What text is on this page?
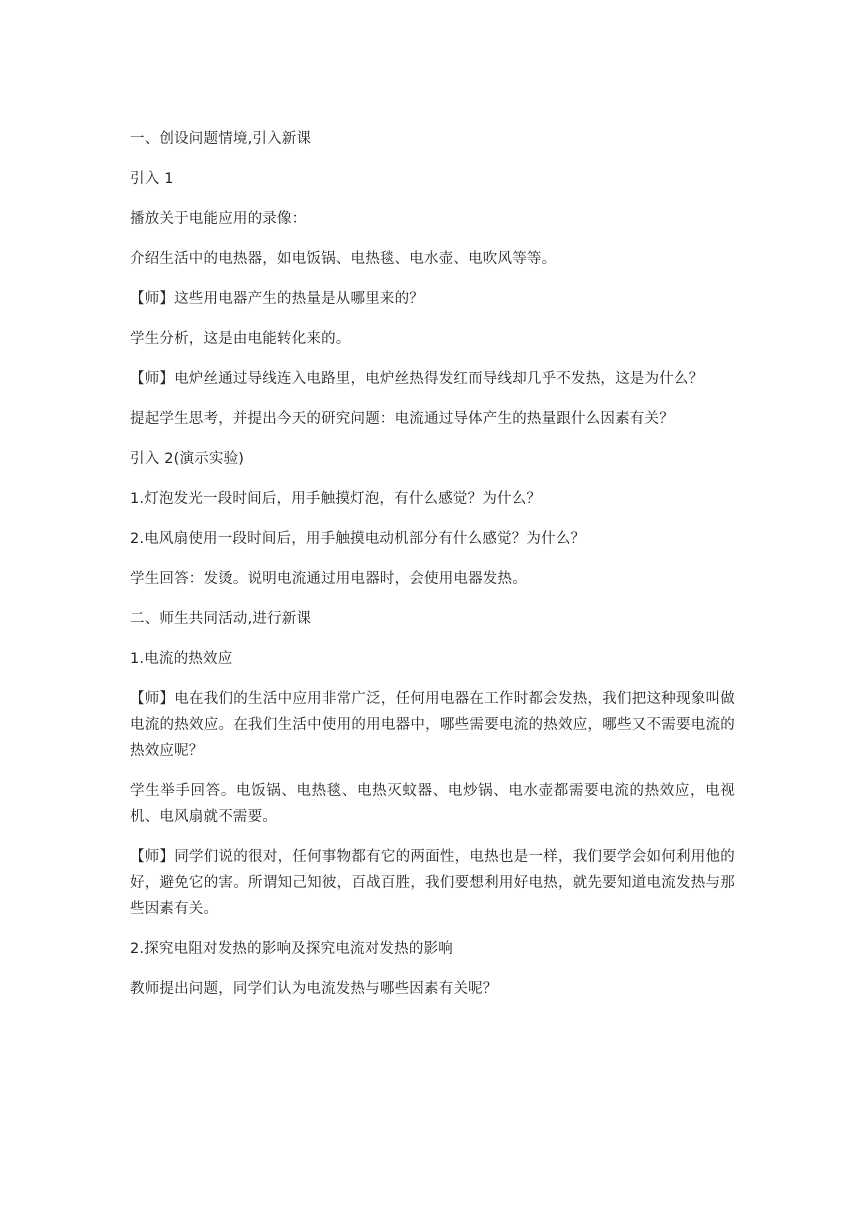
一、创设问题情境,引入新课

引入 1

播放关于电能应用的录像：

介绍生活中的电热器，如电饭锅、电热毯、电水壶、电吹风等等。

【师】这些用电器产生的热量是从哪里来的？

学生分析，这是由电能转化来的。

【师】电炉丝通过导线连入电路里，电炉丝热得发红而导线却几乎不发热，这是为什么？

提起学生思考，并提出今天的研究问题：电流通过导体产生的热量跟什么因素有关？

引入 2(演示实验)

1.灯泡发光一段时间后，用手触摸灯泡，有什么感觉？为什么？

2.电风扇使用一段时间后，用手触摸电动机部分有什么感觉？为什么？

学生回答：发烫。说明电流通过用电器时，会使用电器发热。

二、师生共同活动,进行新课

1.电流的热效应

【师】电在我们的生活中应用非常广泛，任何用电器在工作时都会发热，我们把这种现象叫做电流的热效应。在我们生活中使用的用电器中，哪些需要电流的热效应，哪些又不需要电流的热效应呢？

学生举手回答。电饭锅、电热毯、电热灭蚊器、电炒锅、电水壶都需要电流的热效应，电视机、电风扇就不需要。

【师】同学们说的很对，任何事物都有它的两面性，电热也是一样，我们要学会如何利用他的好，避免它的害。所谓知己知彼，百战百胜，我们要想利用好电热，就先要知道电流发热与那些因素有关。

2.探究电阻对发热的影响及探究电流对发热的影响

教师提出问题，同学们认为电流发热与哪些因素有关呢？
